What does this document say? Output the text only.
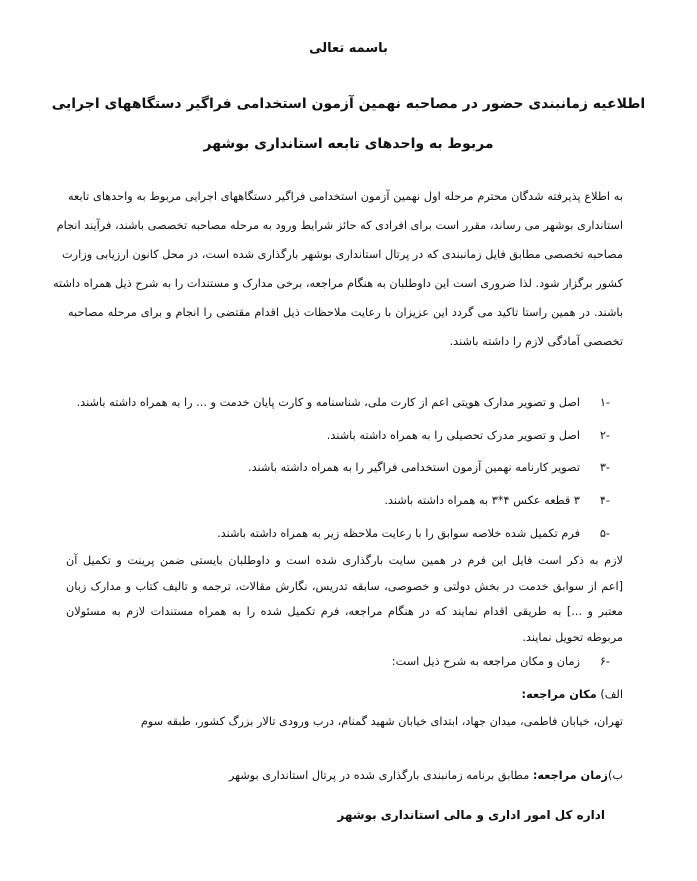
باسمه تعالی
اطلاعیه زمانبندی حضور در مصاحبه نهمین آزمون استخدامی فراگیر دستگاههای اجرایی
مربوط به واحدهای تابعه استانداری بوشهر
به اطلاع پذیرفته شدگان محترم مرحله اول نهمین آزمون استخدامی فراگیر دستگاههای اجرایی مربوط به واحدهای تابعه
استانداری بوشهر می رساند، مقرر است برای افرادی که حائز شرایط ورود به مرحله مصاحبه تخصصی باشند، فرآیند انجام
مصاحبه تخصصی مطابق فایل زمانبندی که در پرتال استانداری بوشهر بارگذاری شده است، در محل کانون ارزیابی وزارت
کشور برگزار شود. لذا ضروری است این داوطلبان به هنگام مراجعه، برخی مدارک و مستندات را به شرح ذیل همراه داشته
باشند. در همین راستا تاکید می گردد این عزیزان با رعایت ملاحظات ذیل اقدام مقتضی را انجام و برای مرحله مصاحبه
تخصصی آمادگی لازم را داشته باشند.
-۱اصل و تصویر مدارک هویتی اعم از کارت ملی، شناسنامه و کارت پایان خدمت و ... را به همراه داشته باشند.
-۲اصل و تصویر مدرک تحصیلی را به همراه داشته باشند.
-۳تصویر کارنامه نهمین آزمون استخدامی فراگیر را به همراه داشته باشند.
-۴۳ قطعه عکس ۴*۳ به همراه داشته باشند.
-۵فرم تکمیل شده خلاصه سوابق را با رعایت ملاحظه زیر به همراه داشته باشند.
لازم به ذکر است فایل این فرم در همین سایت بارگذاری شده است و داوطلبان بایستی ضمن پرینت و تکمیل آن
[اعم از سوابق خدمت در بخش دولتی و خصوصی، سابقه تدریس، نگارش مقالات، ترجمه و تالیف کتاب و مدارک زبان
معتبر و ...] به طریقی اقدام نمایند که در هنگام مراجعه، فرم تکمیل شده را به همراه مستندات لازم به مسئولان
مربوطه تحویل نمایند.
-۶زمان و مکان مراجعه به شرح ذیل است:
الف) مکان مراجعه:
تهران، خیابان فاطمی، میدان جهاد، ابتدای خیابان شهید گمنام، درب ورودی تالار بزرگ کشور، طبقه سوم
ب)زمان مراجعه: مطابق برنامه زمانبندی بارگذاری شده در پرتال استانداری بوشهر
اداره کل امور اداری و مالی استانداری بوشهر
